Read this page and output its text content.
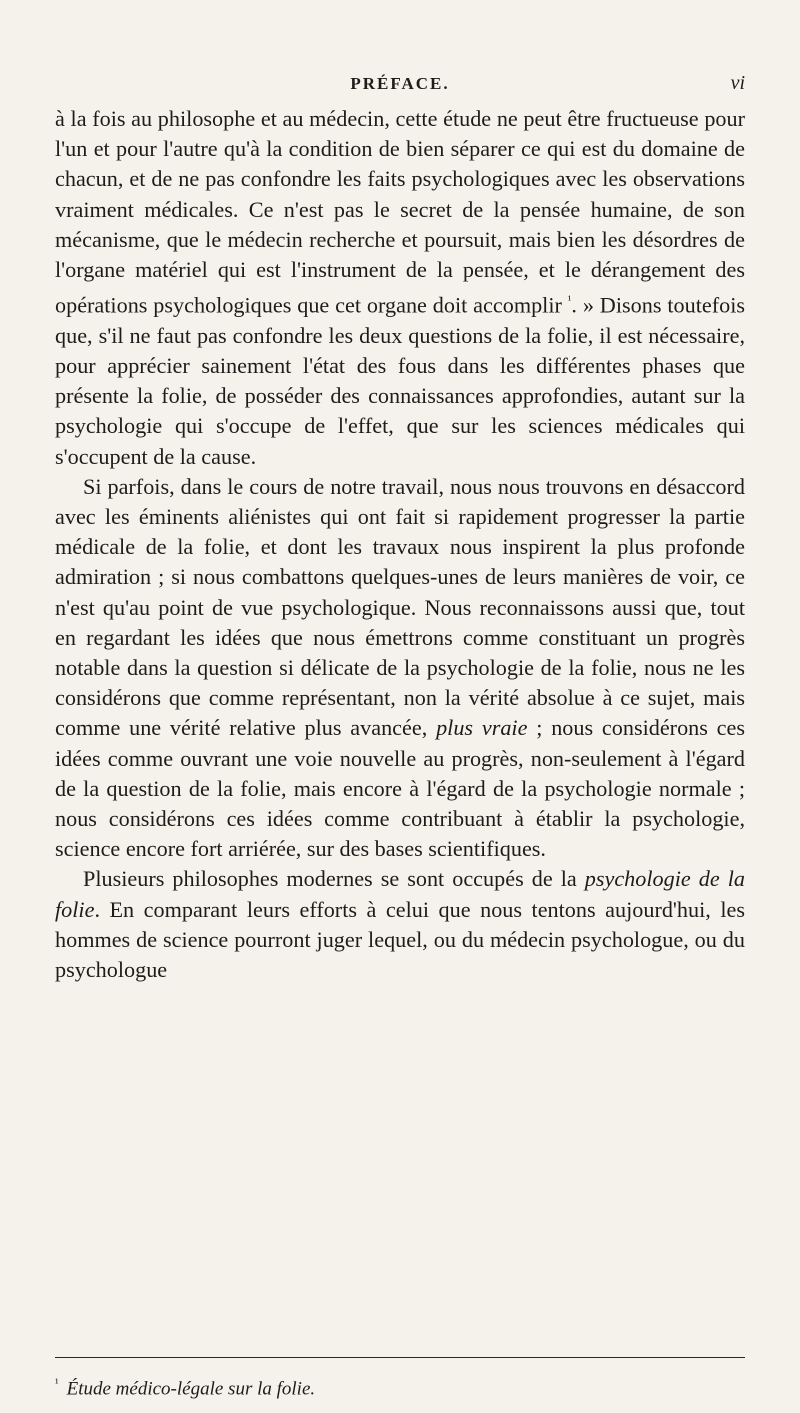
PRÉFACE.	vi

à la fois au philosophe et au médecin, cette étude ne peut être fructueuse pour l'un et pour l'autre qu'à la condition de bien séparer ce qui est du domaine de chacun, et de ne pas confondre les faits psychologiques avec les observations vraiment médicales. Ce n'est pas le secret de la pensée humaine, de son mécanisme, que le médecin recherche et poursuit, mais bien les désordres de l'organe matériel qui est l'instrument de la pensée, et le dérangement des opérations psychologiques que cet organe doit accomplir $^{^1}$. » Disons toutefois que, s'il ne faut pas confondre les deux questions de la folie, il est nécessaire, pour apprécier sainement l'état des fous dans les différentes phases que présente la folie, de posséder des connaissances approfondies, autant sur la psychologie qui s'occupe de l'effet, que sur les sciences médicales qui s'occupent de la cause.

Si parfois, dans le cours de notre travail, nous nous trouvons en désaccord avec les éminents aliénistes qui ont fait si rapidement progresser la partie médicale de la folie, et dont les travaux nous inspirent la plus profonde admiration ; si nous combattons quelques-unes de leurs manières de voir, ce n'est qu'au point de vue psychologique. Nous reconnaissons aussi que, tout en regardant les idées que nous émettrons comme constituant un progrès notable dans la question si délicate de la psychologie de la folie, nous ne les considérons que comme représentant, non la vérité absolue à ce sujet, mais comme une vérité relative plus avancée, plus vraie ; nous considérons ces idées comme ouvrant une voie nouvelle au progrès, non-seulement à l'égard de la question de la folie, mais encore à l'égard de la psychologie normale ; nous considérons ces idées comme contribuant à établir la psychologie, science encore fort arriérée, sur des bases scientifiques.

Plusieurs philosophes modernes se sont occupés de la psychologie de la folie. En comparant leurs efforts à celui que nous tentons aujourd'hui, les hommes de science pourront juger lequel, ou du médecin psychologue, ou du psychologue

$^{^1}$ Étude médico-légale sur la folie.
